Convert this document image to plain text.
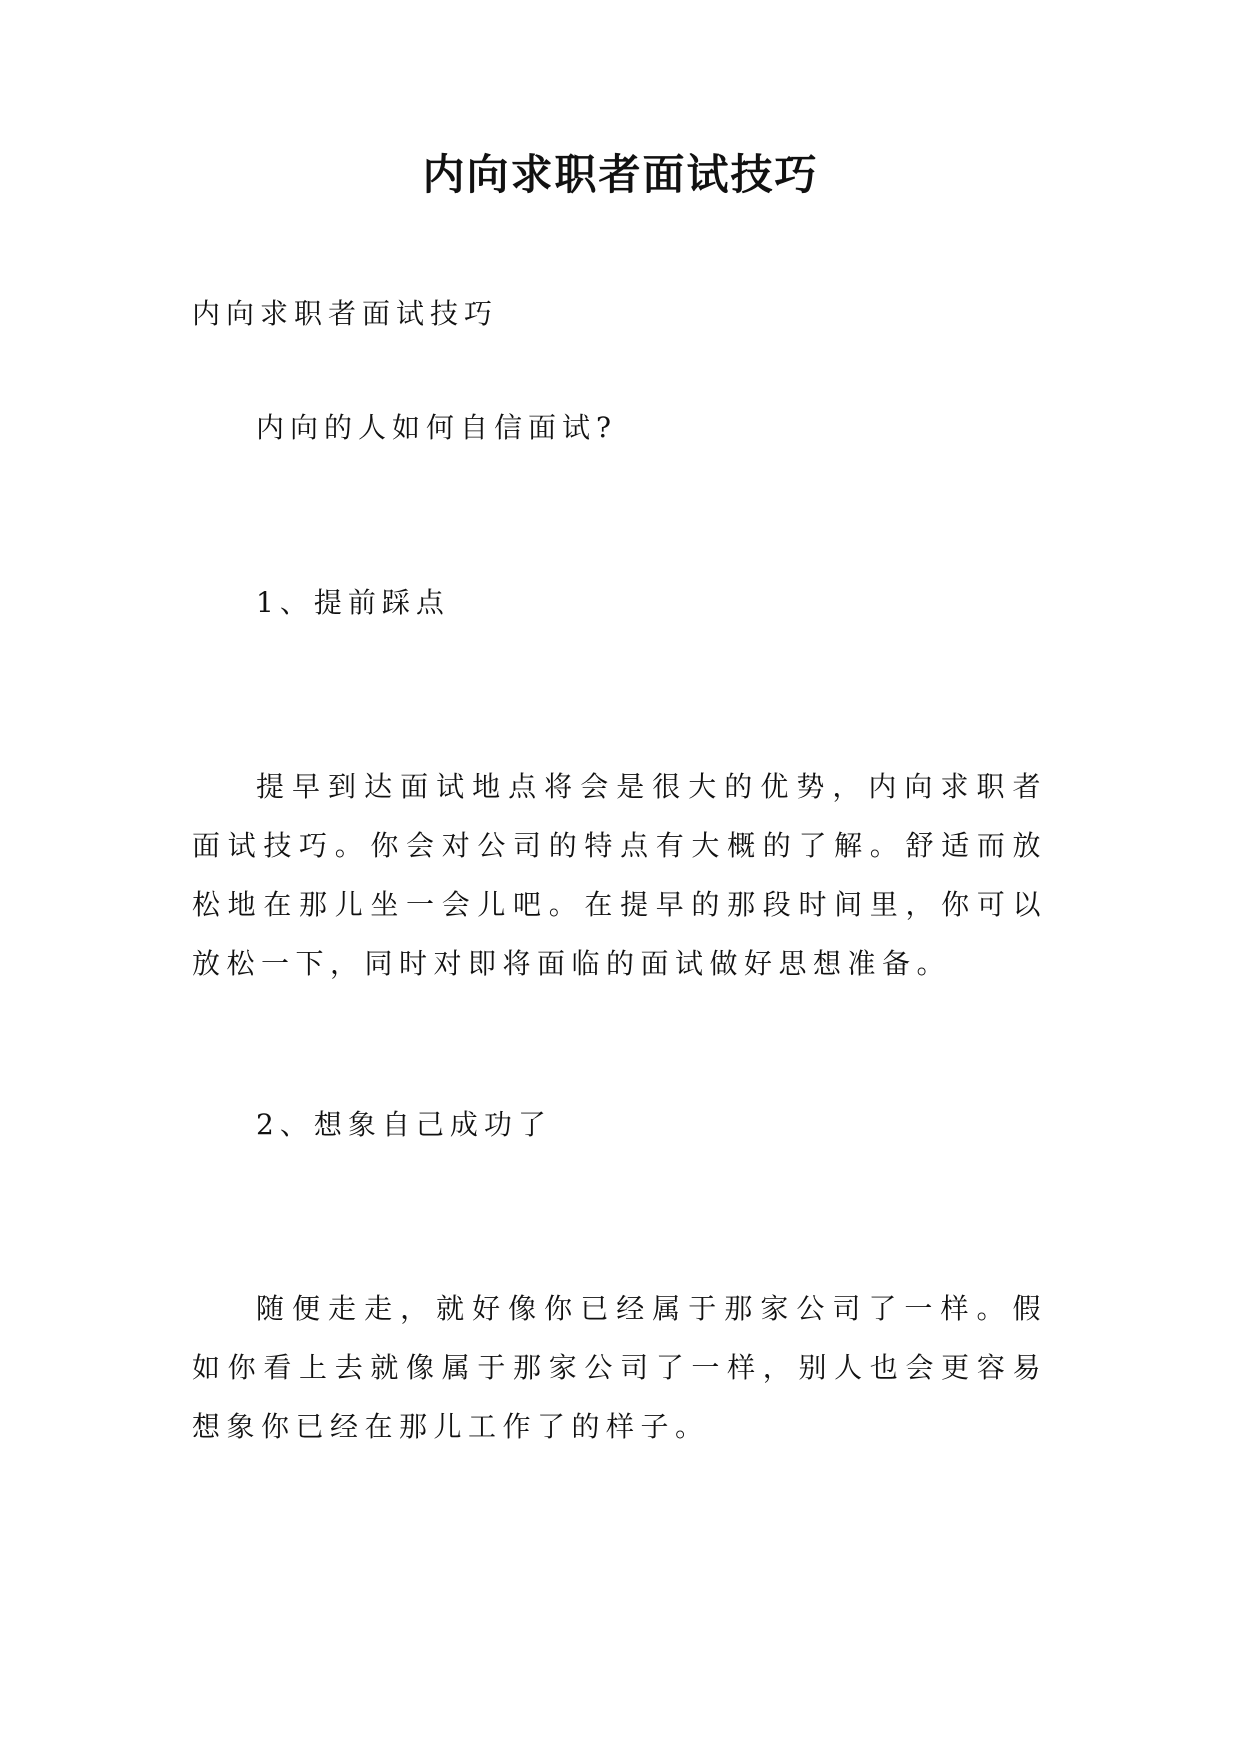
内向求职者面试技巧

内向求职者面试技巧

内向的人如何自信面试?

1、提前踩点

提早到达面试地点将会是很大的优势，内向求职者面试技巧。你会对公司的特点有大概的了解。舒适而放松地在那儿坐一会儿吧。在提早的那段时间里，你可以放松一下，同时对即将面临的面试做好思想准备。

2、想象自己成功了

随便走走，就好像你已经属于那家公司了一样。假如你看上去就像属于那家公司了一样，别人也会更容易想象你已经在那儿工作了的样子。
